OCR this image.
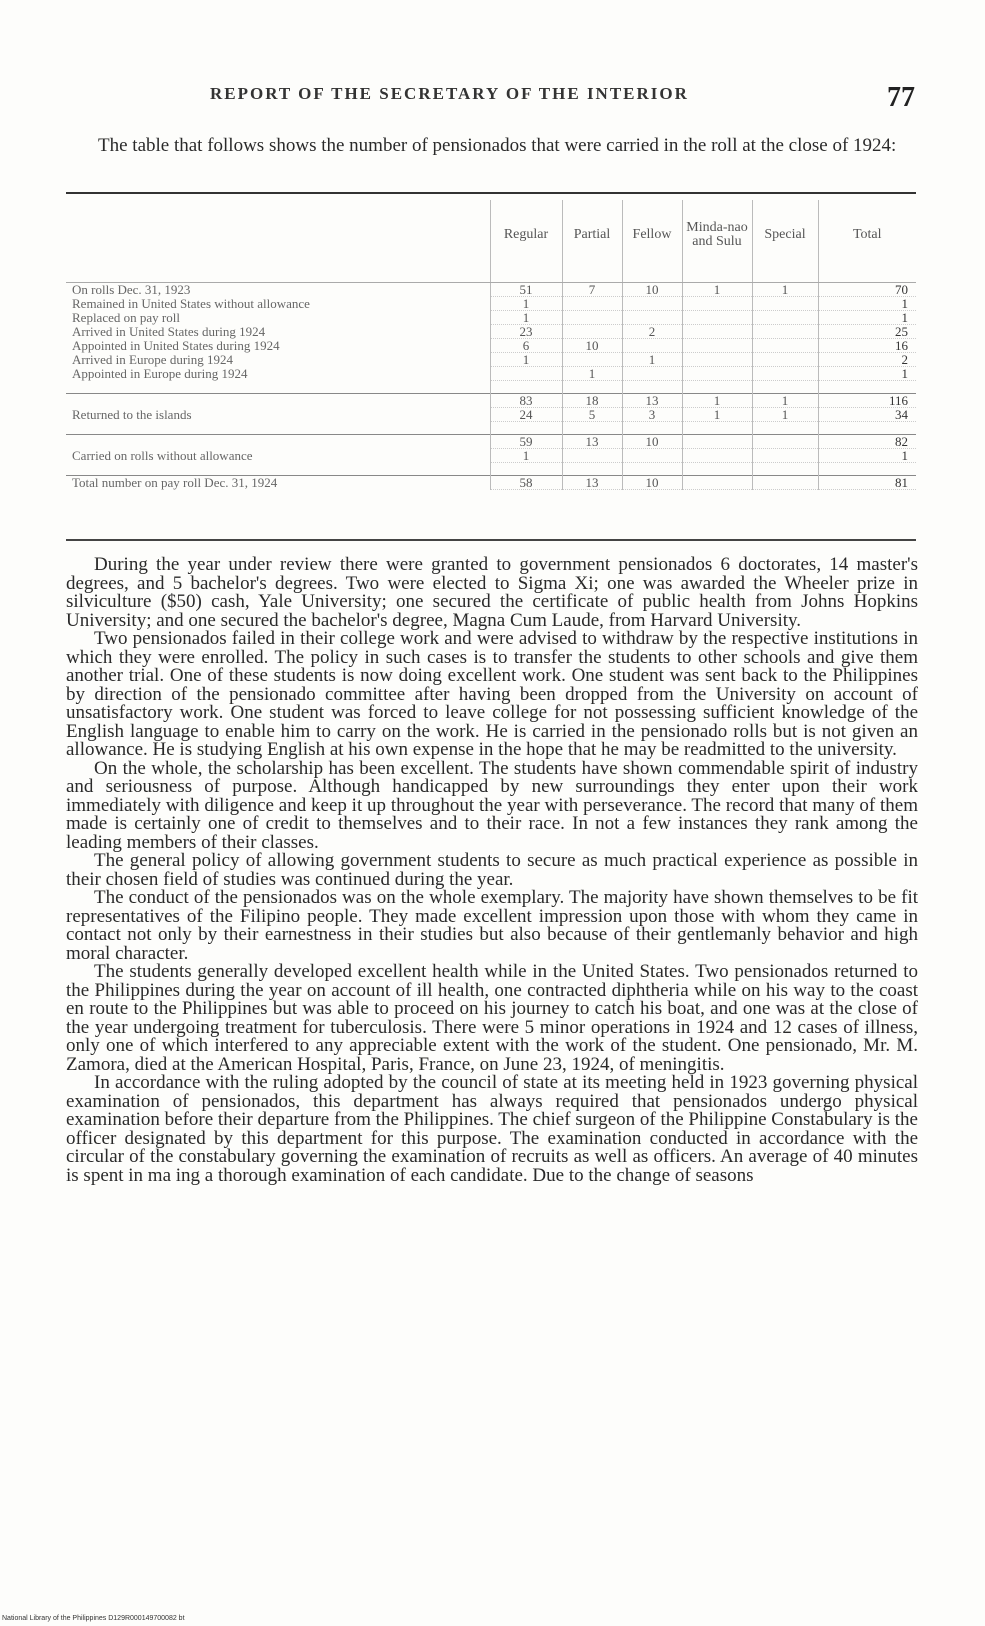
REPORT OF THE SECRETARY OF THE INTERIOR	77
The table that follows shows the number of pensionados that were carried in the roll at the close of 1924:
	Regular	Partial	Fellow	Minda-nao and Sulu	Special	Total

On rolls Dec. 31, 1923	51	7	10	1	1	70
Remained in United States without allowance	1					1
Replaced on pay roll	1					1
Arrived in United States during 1924	23		2			25
Appointed in United States during 1924	6	10				16
Arrived in Europe during 1924	1		1			2
Appointed in Europe during 1924		1				1

	83	18	13	1	1	116
Returned to the islands	24	5	3	1	1	34

	59	13	10			82
Carried on rolls without allowance	1					1

Total number on pay roll Dec. 31, 1924	58	13	10			81

During the year under review there were granted to government pensionados 6 doctorates, 14 master's degrees, and 5 bachelor's degrees. Two were elected to Sigma Xi; one was awarded the Wheeler prize in silviculture ($50) cash, Yale University; one secured the certificate of public health from Johns Hopkins University; and one secured the bachelor's degree, Magna Cum Laude, from Harvard University.

Two pensionados failed in their college work and were advised to withdraw by the respective institutions in which they were enrolled. The policy in such cases is to transfer the students to other schools and give them another trial. One of these students is now doing excellent work. One student was sent back to the Philippines by direction of the pensionado committee after having been dropped from the University on account of unsatisfactory work. One student was forced to leave college for not possessing sufficient knowledge of the English language to enable him to carry on the work. He is carried in the pensionado rolls but is not given an allowance. He is studying English at his own expense in the hope that he may be readmitted to the university.

On the whole, the scholarship has been excellent. The students have shown commendable spirit of industry and seriousness of purpose. Although handicapped by new surroundings they enter upon their work immediately with diligence and keep it up throughout the year with perseverance. The record that many of them made is certainly one of credit to themselves and to their race. In not a few instances they rank among the leading members of their classes.

The general policy of allowing government students to secure as much practical experience as possible in their chosen field of studies was continued during the year.

The conduct of the pensionados was on the whole exemplary. The majority have shown themselves to be fit representatives of the Filipino people. They made excellent impression upon those with whom they came in contact not only by their earnestness in their studies but also because of their gentlemanly behavior and high moral character.

The students generally developed excellent health while in the United States. Two pensionados returned to the Philippines during the year on account of ill health, one contracted diphtheria while on his way to the coast en route to the Philippines but was able to proceed on his journey to catch his boat, and one was at the close of the year undergoing treatment for tuberculosis. There were 5 minor operations in 1924 and 12 cases of illness, only one of which interfered to any appreciable extent with the work of the student. One pensionado, Mr. M. Zamora, died at the American Hospital, Paris, France, on June 23, 1924, of meningitis.

In accordance with the ruling adopted by the council of state at its meeting held in 1923 governing physical examination of pensionados, this department has always required that pensionados undergo physical examination before their departure from the Philippines. The chief surgeon of the Philippine Constabulary is the officer designated by this department for this purpose. The examination conducted in accordance with the circular of the constabulary governing the examination of recruits as well as officers. An average of 40 minutes is spent in ma ing a thorough examination of each candidate. Due to the change of seasons

National Library of the Philippines D129R000149700082 bt
